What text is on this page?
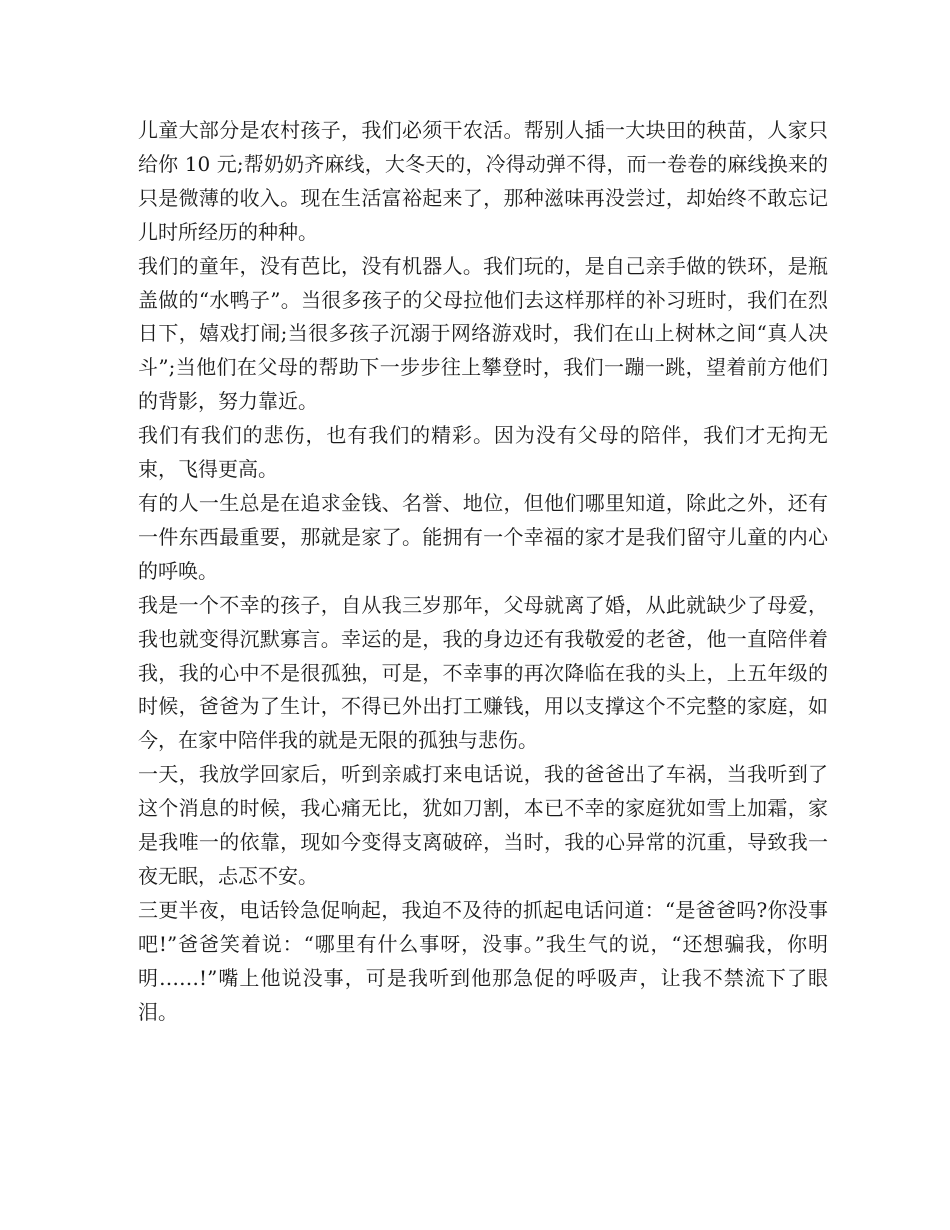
儿童大部分是农村孩子，我们必须干农活。帮别人插一大块田的秧苗，人家只给你 10 元;帮奶奶齐麻线，大冬天的，冷得动弹不得，而一卷卷的麻线换来的只是微薄的收入。现在生活富裕起来了，那种滋味再没尝过，却始终不敢忘记儿时所经历的种种。

我们的童年，没有芭比，没有机器人。我们玩的，是自己亲手做的铁环，是瓶盖做的“水鸭子”。当很多孩子的父母拉他们去这样那样的补习班时，我们在烈日下，嬉戏打闹;当很多孩子沉溺于网络游戏时，我们在山上树林之间“真人决斗”;当他们在父母的帮助下一步步往上攀登时，我们一蹦一跳，望着前方他们的背影，努力靠近。

我们有我们的悲伤，也有我们的精彩。因为没有父母的陪伴，我们才无拘无束，飞得更高。

有的人一生总是在追求金钱、名誉、地位，但他们哪里知道，除此之外，还有一件东西最重要，那就是家了。能拥有一个幸福的家才是我们留守儿童的内心的呼唤。

我是一个不幸的孩子，自从我三岁那年，父母就离了婚，从此就缺少了母爱，我也就变得沉默寡言。幸运的是，我的身边还有我敬爱的老爸，他一直陪伴着我，我的心中不是很孤独，可是，不幸事的再次降临在我的头上，上五年级的时候，爸爸为了生计，不得已外出打工赚钱，用以支撑这个不完整的家庭，如今，在家中陪伴我的就是无限的孤独与悲伤。

一天，我放学回家后，听到亲戚打来电话说，我的爸爸出了车祸，当我听到了这个消息的时候，我心痛无比，犹如刀割，本已不幸的家庭犹如雪上加霜，家是我唯一的依靠，现如今变得支离破碎，当时，我的心异常的沉重，导致我一夜无眠，忐忑不安。

三更半夜，电话铃急促响起，我迫不及待的抓起电话问道：“是爸爸吗?你没事吧!”爸爸笑着说：“哪里有什么事呀，没事。”我生气的说，“还想骗我，你明明……!”嘴上他说没事，可是我听到他那急促的呼吸声，让我不禁流下了眼泪。
